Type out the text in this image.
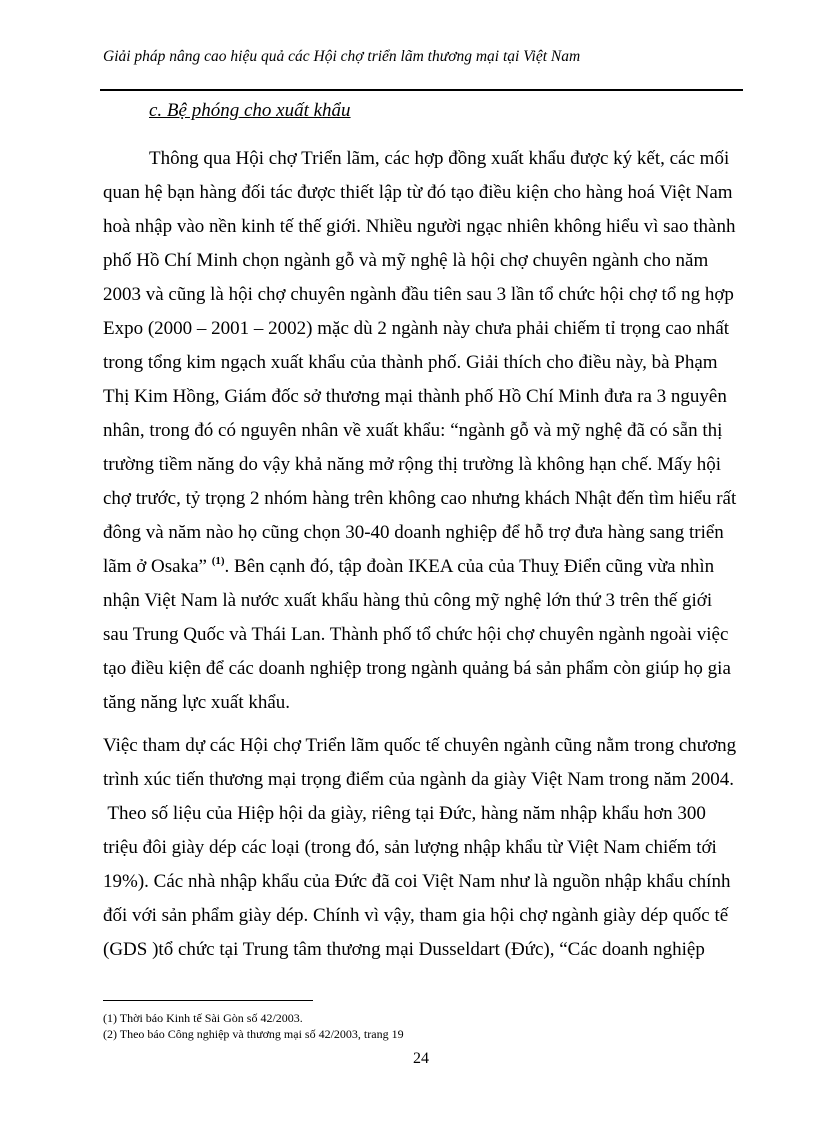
Giải pháp nâng cao hiệu quả các Hội chợ triển lãm thương mại tại Việt Nam
c. Bệ phóng cho xuất khẩu
Thông qua Hội chợ Triển lãm, các hợp đồng xuất khẩu được ký kết, các mối
quan hệ bạn hàng đối tác được thiết lập từ đó tạo điều kiện cho hàng hoá Việt Nam
hoà nhập vào nền kinh tế thế giới. Nhiều người ngạc nhiên không hiểu vì sao thành
phố Hồ Chí Minh chọn ngành gỗ và mỹ nghệ là hội chợ chuyên ngành cho năm
2003 và cũng là hội chợ chuyên ngành đầu tiên sau 3 lần tổ chức hội chợ tổ ng hợp
Expo (2000 – 2001 – 2002) mặc dù 2 ngành này chưa phải chiếm tỉ trọng cao nhất
trong tổng kim ngạch xuất khẩu của thành phố. Giải thích cho điều này, bà Phạm
Thị Kim Hồng, Giám đốc sở thương mại thành phố Hồ Chí Minh đưa ra 3 nguyên
nhân, trong đó có nguyên nhân về xuất khẩu: “ngành gỗ và mỹ nghệ đã có sẵn thị
trường tiềm năng do vậy khả năng mở rộng thị trường là không hạn chế. Mấy hội
chợ trước, tỷ trọng 2 nhóm hàng trên không cao nhưng khách Nhật đến tìm hiểu rất
đông và năm nào họ cũng chọn 30-40 doanh nghiệp để hỗ trợ đưa hàng sang triển
lãm ở Osaka” $^{(1)}$. Bên cạnh đó, tập đoàn IKEA của của Thuỵ Điển cũng vừa nhìn
nhận Việt Nam là nước xuất khẩu hàng thủ công mỹ nghệ lớn thứ 3 trên thế giới
sau Trung Quốc và Thái Lan. Thành phố tổ chức hội chợ chuyên ngành ngoài việc
tạo điều kiện để các doanh nghiệp trong ngành quảng bá sản phẩm còn giúp họ gia
tăng năng lực xuất khẩu.
Việc tham dự các Hội chợ Triển lãm quốc tế chuyên ngành cũng nằm trong chương
trình xúc tiến thương mại trọng điểm của ngành da giày Việt Nam trong năm 2004.
Theo số liệu của Hiệp hội da giày, riêng tại Đức, hàng năm nhập khẩu hơn 300
triệu đôi giày dép các loại (trong đó, sản lượng nhập khẩu từ Việt Nam chiếm tới
19%). Các nhà nhập khẩu của Đức đã coi Việt Nam như là nguồn nhập khẩu chính
đối với sản phẩm giày dép. Chính vì vậy, tham gia hội chợ ngành giày dép quốc tế
(GDS )tổ chức tại Trung tâm thương mại Dusseldart (Đức), “Các doanh nghiệp
(1) Thời báo Kinh tế Sài Gòn số 42/2003.
(2) Theo báo Công nghiệp và thương mại số 42/2003, trang 19
24
